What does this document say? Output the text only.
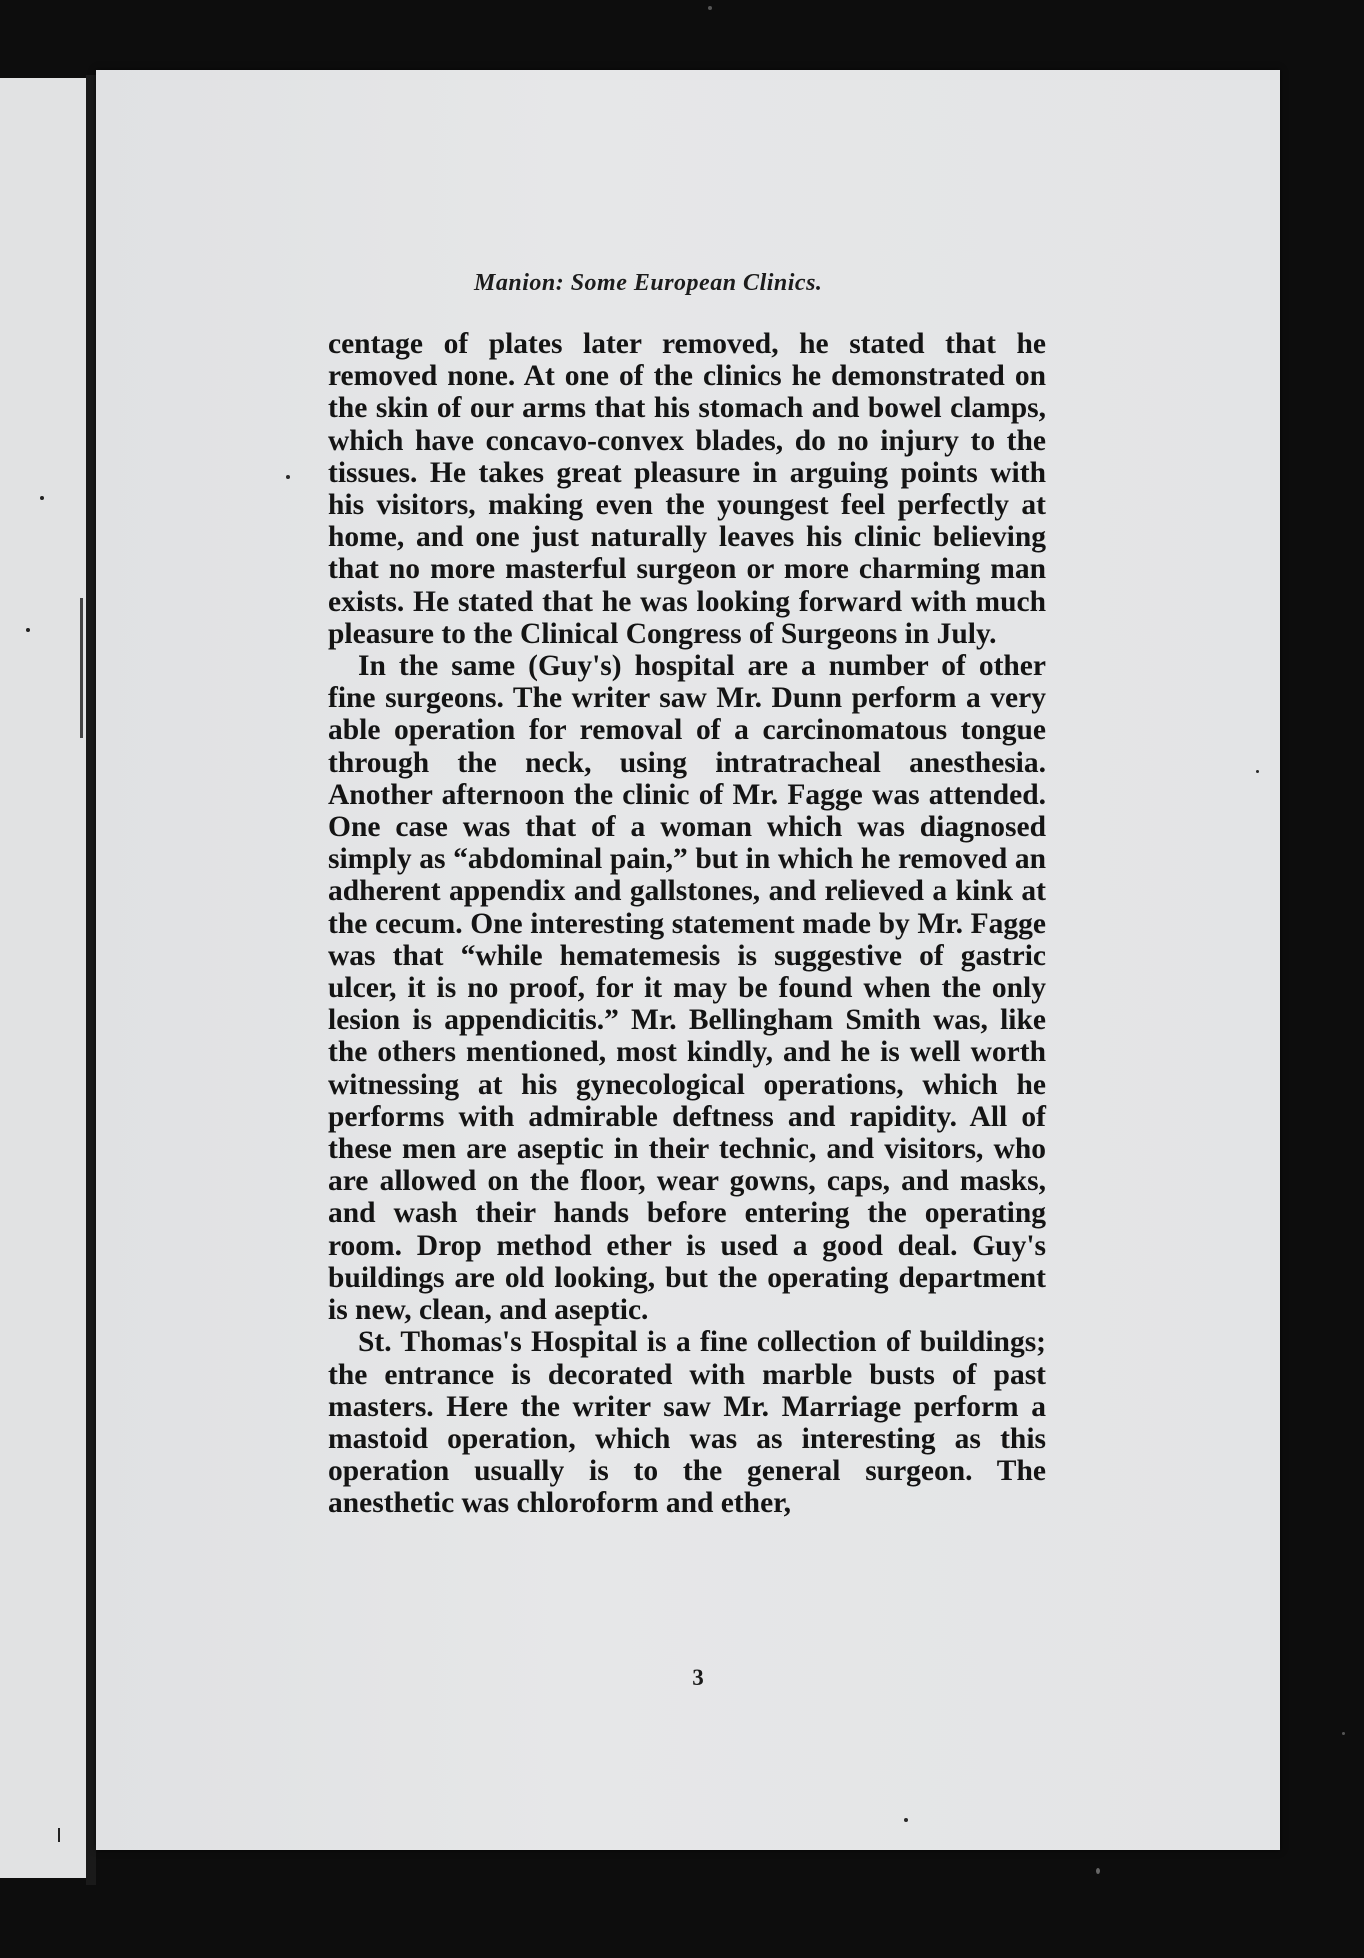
Manion: Some European Clinics.

centage of plates later removed, he stated that he removed none. At one of the clinics he demonstrated on the skin of our arms that his stomach and bowel clamps, which have concavo-convex blades, do no injury to the tissues. He takes great pleasure in arguing points with his visitors, making even the youngest feel perfectly at home, and one just naturally leaves his clinic believing that no more masterful surgeon or more charming man exists. He stated that he was looking forward with much pleasure to the Clinical Congress of Surgeons in July.

In the same (Guy's) hospital are a number of other fine surgeons. The writer saw Mr. Dunn perform a very able operation for removal of a carcinomatous tongue through the neck, using intratracheal anesthesia. Another afternoon the clinic of Mr. Fagge was attended. One case was that of a woman which was diagnosed simply as “abdominal pain,” but in which he removed an adherent appendix and gallstones, and relieved a kink at the cecum. One interesting statement made by Mr. Fagge was that “while hematemesis is suggestive of gastric ulcer, it is no proof, for it may be found when the only lesion is appendicitis.” Mr. Bellingham Smith was, like the others mentioned, most kindly, and he is well worth witnessing at his gynecological operations, which he performs with admirable deftness and rapidity. All of these men are aseptic in their technic, and visitors, who are allowed on the floor, wear gowns, caps, and masks, and wash their hands before entering the operating room. Drop method ether is used a good deal. Guy's buildings are old looking, but the operating department is new, clean, and aseptic.

St. Thomas's Hospital is a fine collection of buildings; the entrance is decorated with marble busts of past masters. Here the writer saw Mr. Marriage perform a mastoid operation, which was as interesting as this operation usually is to the general surgeon. The anesthetic was chloroform and ether,

3
